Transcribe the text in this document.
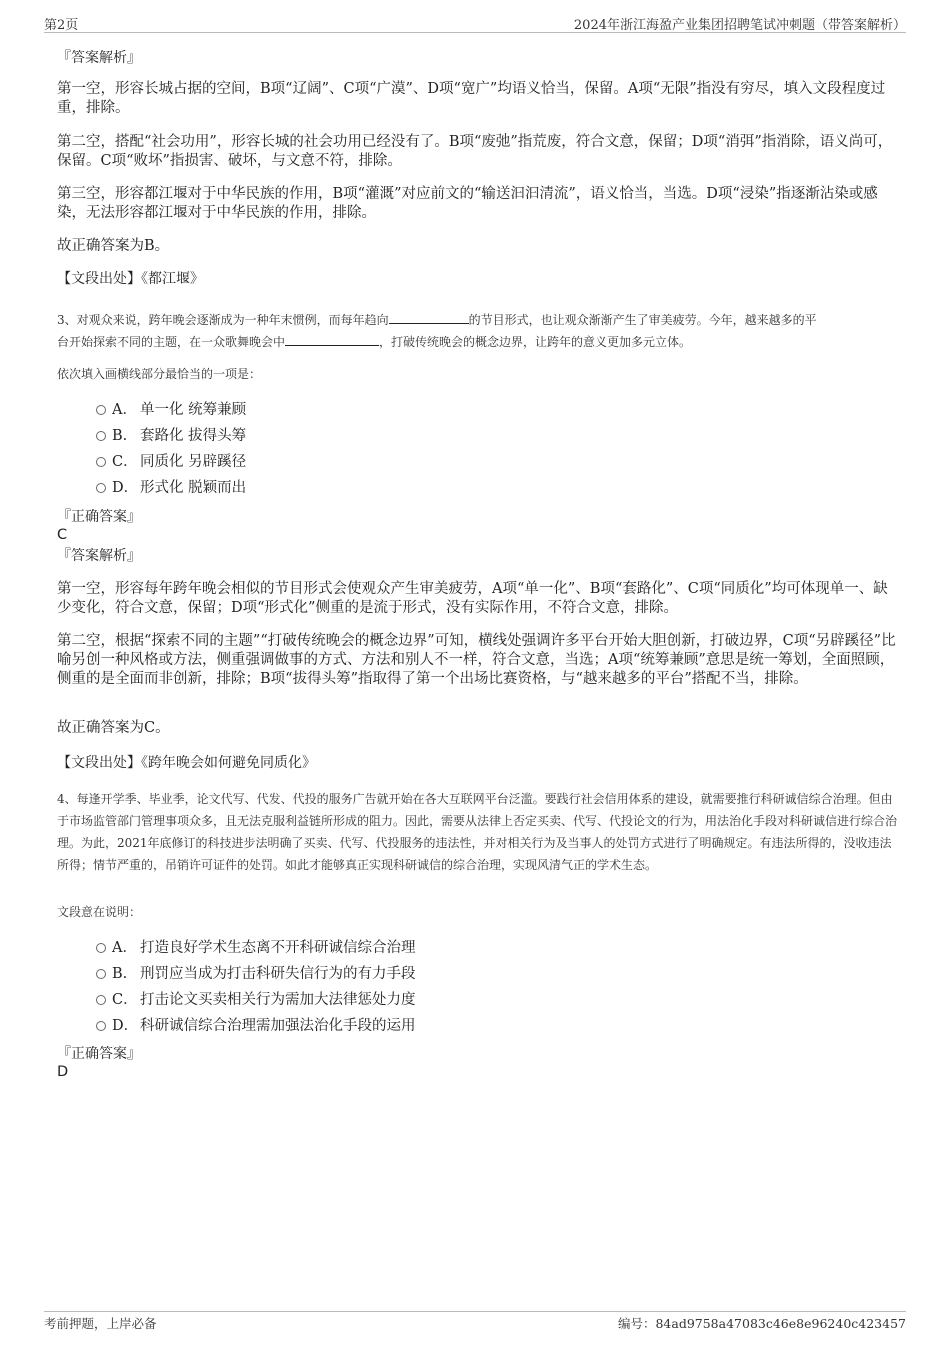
第2页	2024年浙江海盈产业集团招聘笔试冲刺题（带答案解析）
『答案解析』
第一空，形容长城占据的空间，B项“辽阔”、C项“广漠”、D项“宽广”均语义恰当，保留。A项“无限”指没有穷尽，填入文段程度过重，排除。
第二空，搭配“社会功用”，形容长城的社会功用已经没有了。B项“废弛”指荒废，符合文意，保留；D项“消弭”指消除，语义尚可，保留。C项“败坏”指损害、破坏，与文意不符，排除。
第三空，形容都江堰对于中华民族的作用，B项“灌溉”对应前文的“输送汩汩清流”，语义恰当，当选。D项“浸染”指逐渐沾染或感染，无法形容都江堰对于中华民族的作用，排除。
故正确答案为B。
【文段出处】《都江堰》
3、对观众来说，跨年晚会逐渐成为一种年末惯例，而每年趋向	的节目形式，也让观众渐渐产生了审美疲劳。今年，越来越多的平
台开始探索不同的主题，在一众歌舞晚会中	，打破传统晚会的概念边界，让跨年的意义更加多元立体。
依次填入画横线部分最恰当的一项是：
A． 单一化 统筹兼顾
B. 套路化 拔得头筹
C． 同质化 另辟蹊径
D． 形式化 脱颖而出
『正确答案』
C
『答案解析』
第一空，形容每年跨年晚会相似的节目形式会使观众产生审美疲劳，A项“单一化”、B项“套路化”、C项“同质化”均可体现单一、缺少变化，符合文意，保留；D项“形式化”侧重的是流于形式，没有实际作用，不符合文意，排除。
第二空，根据“探索不同的主题”“打破传统晚会的概念边界”可知，横线处强调许多平台开始大胆创新，打破边界，C项“另辟蹊径”比喻另创一种风格或方法，侧重强调做事的方式、方法和别人不一样，符合文意，当选；A项“统筹兼顾”意思是统一筹划，全面照顾，侧重的是全面而非创新，排除；B项“拔得头筹”指取得了第一个出场比赛资格，与“越来越多的平台”搭配不当，排除。
故正确答案为C。
【文段出处】《跨年晚会如何避免同质化》
4、每逢开学季、毕业季，论文代写、代发、代投的服务广告就开始在各大互联网平台泛滥。要践行社会信用体系的建设，就需要推行科研诚信综合治理。但由于市场监管部门管理事项众多，且无法克服利益链所形成的阻力。因此，需要从法律上否定买卖、代写、代投论文的行为，用法治化手段对科研诚信进行综合治理。为此，2021年底修订的科技进步法明确了买卖、代写、代投服务的违法性，并对相关行为及当事人的处罚方式进行了明确规定。有违法所得的，没收违法所得；情节严重的，吊销许可证件的处罚。如此才能够真正实现科研诚信的综合治理，实现风清气正的学术生态。
文段意在说明：
A． 打造良好学术生态离不开科研诚信综合治理
B. 刑罚应当成为打击科研失信行为的有力手段
C． 打击论文买卖相关行为需加大法律惩处力度
D． 科研诚信综合治理需加强法治化手段的运用
『正确答案』
D
考前押题，上岸必备	编号：84ad9758a47083c46e8e96240c423457
